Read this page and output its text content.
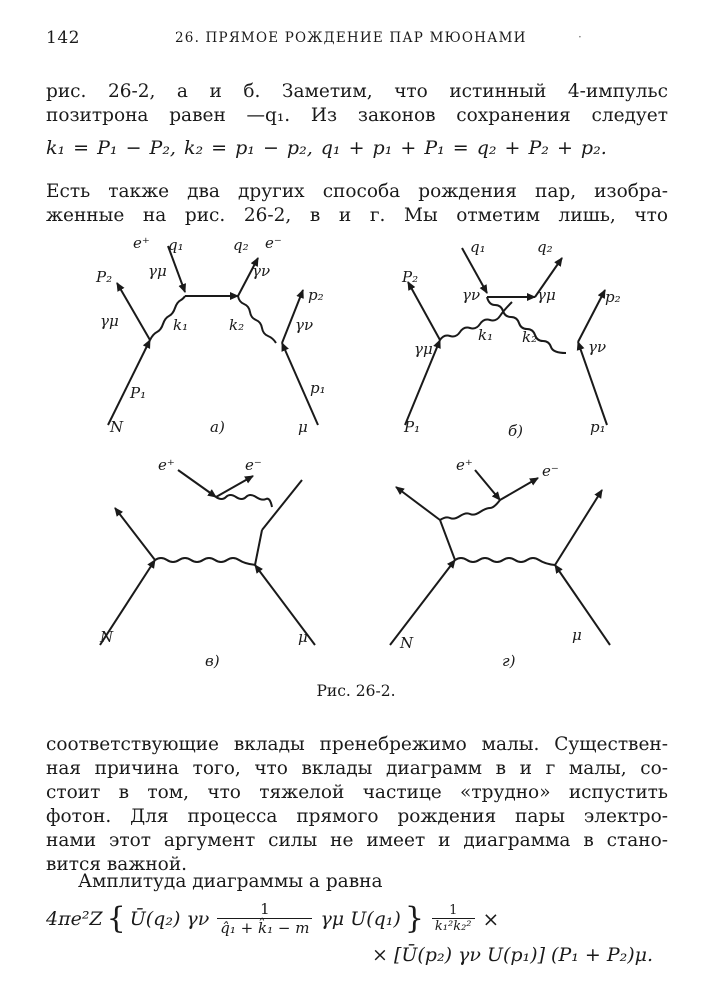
142	26. ПРЯМОЕ РОЖДЕНИЕ ПАР МЮОНАМИ	·
рис. 26-2, а и б. Заметим, что истинный 4-импульс
позитрона равен —q₁. Из законов сохранения следует
k₁ = P₁ − P₂, k₂ = p₁ − p₂, q₁ + p₁ + P₁ = q₂ + P₂ + p₂.
Есть также два других способа рождения пар, изобра-
женные на рис. 26-2, в и г. Мы отметим лишь, что
e⁺ q₁	q₂ e⁻
P₂ γμ	γν
p₂
γμ	k₁	k₂	γν
P₁	p₁
N	а)	μ
q₁	q₂
P₂
p₂
γν	γμ
γμ
k₁ k₂
γν
P₁	б)	p₁
e⁺	e⁻
N	μ
в)
e⁺	e⁻
N	μ
г)
Рис. 26-2.
соответствующие вклады пренебрежимо малы. Существен-
ная причина того, что вклады диаграмм в и г малы, со-
стоит в том, что тяжелой частице «трудно» испустить
фотон. Для процесса прямого рождения пары электро-
нами этот аргумент силы не имеет и диаграмма в стано-
вится важной.
Амплитуда диаграммы а равна
4πe²Z { Ū(q₂) γν $\frac{1}{\text{q̂₁ + k̂₁ − m}}$ γμ U(q₁) } $\frac{1}{\text{k₁²k₂²}}$ ×
× [Ū(p₂) γν U(p₁)] (P₁ + P₂)μ.
